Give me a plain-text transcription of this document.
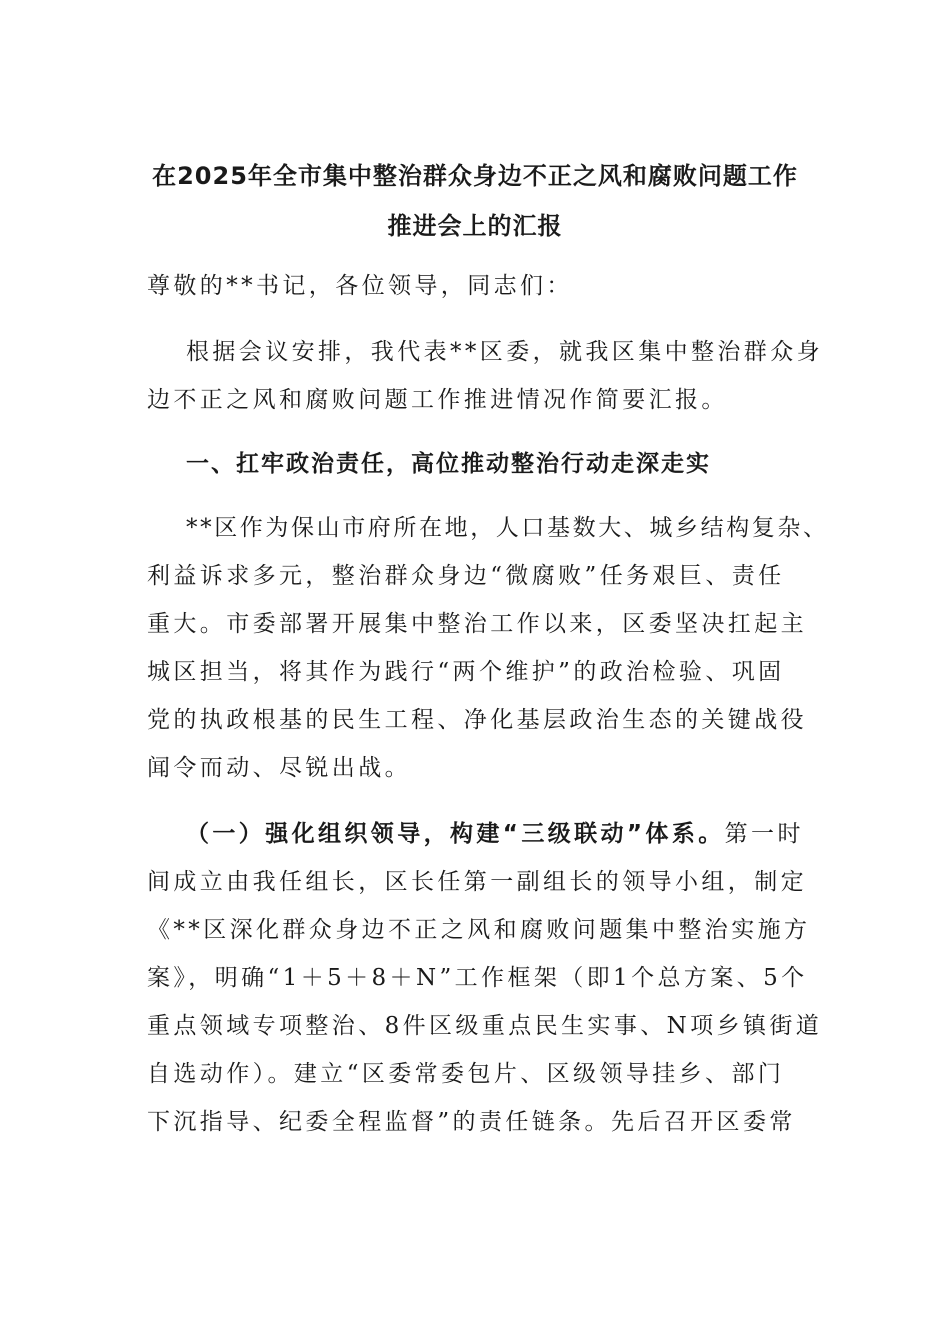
在2025年全市集中整治群众身边不正之风和腐败问题工作
推进会上的汇报
尊敬的**书记，各位领导，同志们：
根据会议安排，我代表**区委，就我区集中整治群众身
边不正之风和腐败问题工作推进情况作简要汇报。
一、扛牢政治责任，高位推动整治行动走深走实
**区作为保山市府所在地，人口基数大、城乡结构复杂、
利益诉求多元，整治群众身边“微腐败”任务艰巨、责任
重大。市委部署开展集中整治工作以来，区委坚决扛起主
城区担当，将其作为践行“两个维护”的政治检验、巩固
党的执政根基的民生工程、净化基层政治生态的关键战役
闻令而动、尽锐出战。
（一）强化组织领导，构建“三级联动”体系。第一时
间成立由我任组长，区长任第一副组长的领导小组，制定
《**区深化群众身边不正之风和腐败问题集中整治实施方
案》，明确“1＋5＋8＋N”工作框架（即1个总方案、5个
重点领域专项整治、8件区级重点民生实事、N项乡镇街道
自选动作）。建立“区委常委包片、区级领导挂乡、部门
下沉指导、纪委全程监督”的责任链条。先后召开区委常
